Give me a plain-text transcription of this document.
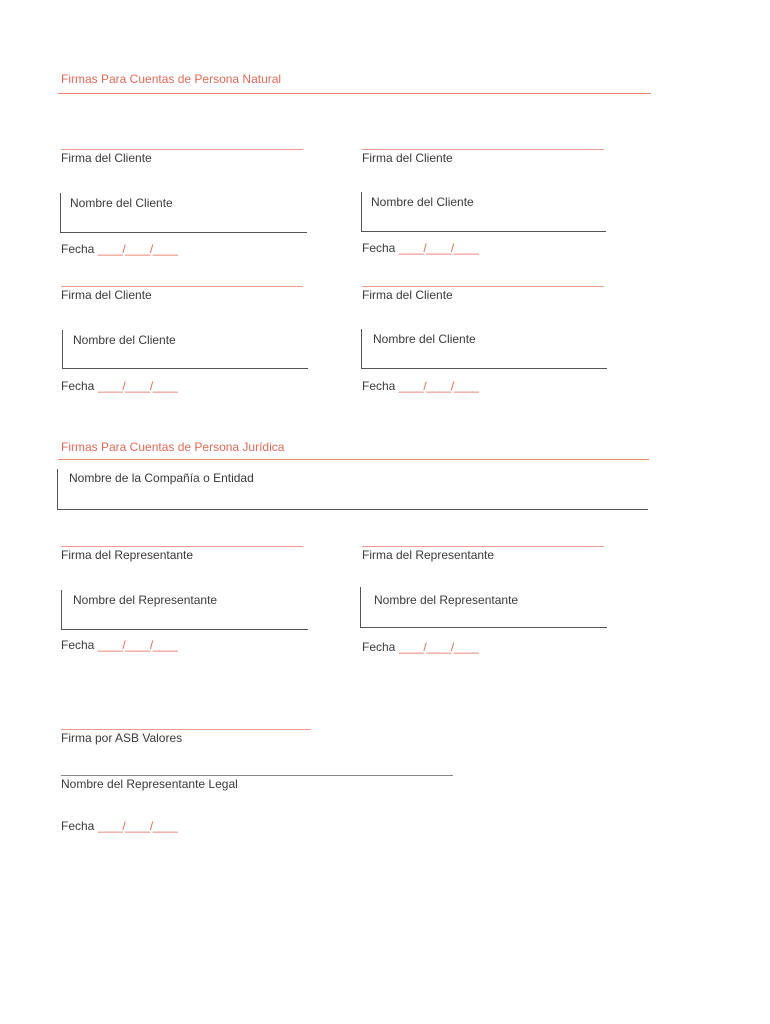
Firmas Para Cuentas de Persona Natural
Firma del Cliente
Nombre del Cliente
Fecha ____/____/____
Firma del Cliente
Nombre del Cliente
Fecha ____/____/____
Firma del Cliente
Nombre del Cliente
Fecha ____/____/____
Firma del Cliente
Nombre del Cliente
Fecha ____/____/____
Firmas Para Cuentas de Persona Jurídica
Nombre de la Compañía o Entidad
Firma del Representante
Nombre del Representante
Fecha ____/____/____
Firma del Representante
Nombre del Representante
Fecha ____/____/____
Firma por ASB Valores
Nombre del Representante Legal
Fecha ____/____/____
